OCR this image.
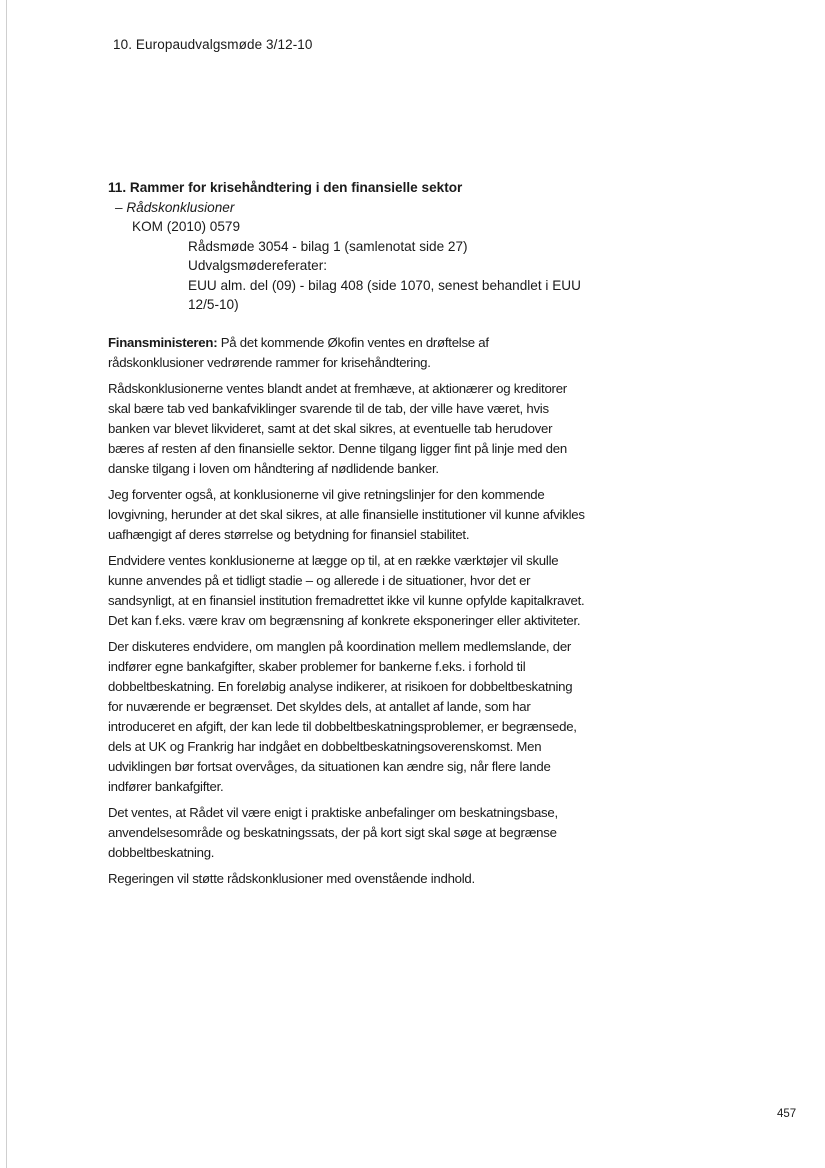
10. Europaudvalgsmøde 3/12-10
11. Rammer for krisehåndtering i den finansielle sektor
– Rådskonklusioner
KOM (2010) 0579
Rådsmøde 3054 - bilag 1 (samlenotat side 27)
Udvalgsmødereferater:
EUU alm. del (09) - bilag 408 (side 1070, senest behandlet i EUU 12/5-10)

Finansministeren: På det kommende Økofin ventes en drøftelse af rådskonklusioner vedrørende rammer for krisehåndtering.

Rådskonklusionerne ventes blandt andet at fremhæve, at aktionærer og kreditorer skal bære tab ved bankafviklinger svarende til de tab, der ville have været, hvis banken var blevet likvideret, samt at det skal sikres, at eventuelle tab herudover bæres af resten af den finansielle sektor. Denne tilgang ligger fint på linje med den danske tilgang i loven om håndtering af nødlidende banker.

Jeg forventer også, at konklusionerne vil give retningslinjer for den kommende lovgivning, herunder at det skal sikres, at alle finansielle institutioner vil kunne afvikles uafhængigt af deres størrelse og betydning for finansiel stabilitet.

Endvidere ventes konklusionerne at lægge op til, at en række værktøjer vil skulle kunne anvendes på et tidligt stadie – og allerede i de situationer, hvor det er sandsynligt, at en finansiel institution fremadrettet ikke vil kunne opfylde kapitalkravet. Det kan f.eks. være krav om begrænsning af konkrete eksponeringer eller aktiviteter.

Der diskuteres endvidere, om manglen på koordination mellem medlemslande, der indfører egne bankafgifter, skaber problemer for bankerne f.eks. i forhold til dobbeltbeskatning. En foreløbig analyse indikerer, at risikoen for dobbeltbeskatning for nuværende er begrænset. Det skyldes dels, at antallet af lande, som har introduceret en afgift, der kan lede til dobbeltbeskatningsproblemer, er begrænsede, dels at UK og Frankrig har indgået en dobbeltbeskatningsoverenskomst. Men udviklingen bør fortsat overvåges, da situationen kan ændre sig, når flere lande indfører bankafgifter.

Det ventes, at Rådet vil være enigt i praktiske anbefalinger om beskatningsbase, anvendelsesområde og beskatningssats, der på kort sigt skal søge at begrænse dobbeltbeskatning.

Regeringen vil støtte rådskonklusioner med ovenstående indhold.

457
